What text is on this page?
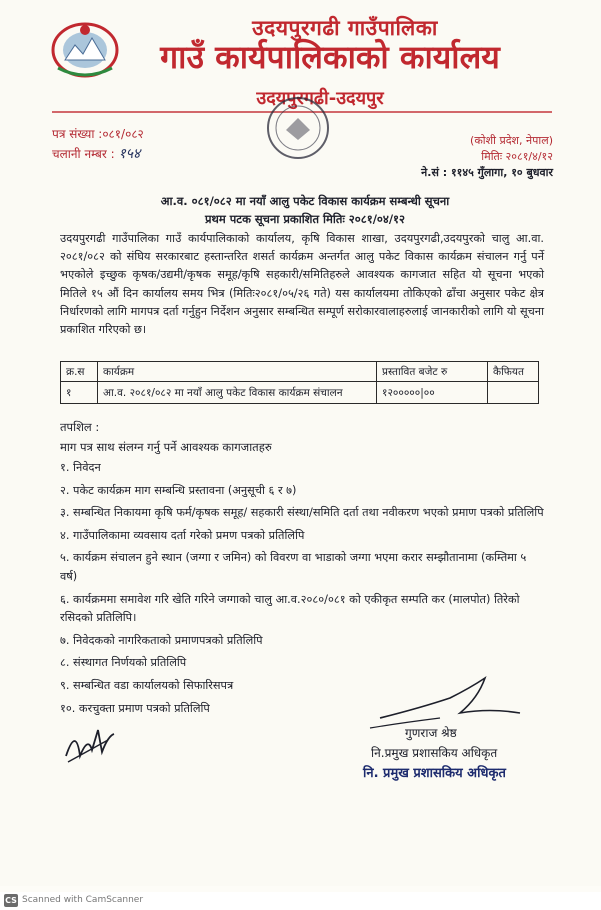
उदयपुरगढी गाउँपालिका
गाउँ कार्यपालिकाको कार्यालय
उदयपुरगढी-उदयपुर
पत्र संख्या :०८१/०८२
चलानी नम्बर : १५४
(कोशी प्रदेश, नेपाल)
मितिः २०८१/४/१२
ने.सं : ११४५ गुँलागा, १० बुधवार
आ.व. ०८१/०८२ मा नयाँ आलु पकेट विकास कार्यक्रम सम्बन्धी सूचना
प्रथम पटक सूचना प्रकाशित मितिः २०८१/०४/१२
उदयपुरगढी गाउँपालिका गाउँ कार्यपालिकाको कार्यालय, कृषि विकास शाखा, उदयपुरगढी,उदयपुरको चालु आ.वा. २०८१/०८२ को संघिय सरकारबाट हस्तान्तरित शसर्त कार्यक्रम अन्तर्गत आलु पकेट विकास कार्यक्रम संचालन गर्नु पर्ने भएकोले इच्छुक कृषक/उद्यमी/कृषक समूह/कृषि सहकारी/समितिहरुले आवश्यक कागजात सहित यो सूचना भएको मितिले १५ औं दिन कार्यालय समय भित्र (मितिः२०८१/०५/२६ गते) यस कार्यालयमा तोकिएको ढाँचा अनुसार पकेट क्षेत्र निर्धारणको लागि मागपत्र दर्ता गर्नुहुन निर्देशन अनुसार सम्बन्धित सम्पूर्ण सरोकारवालाहरुलाई जानकारीको लागि यो सूचना प्रकाशित गरिएको छ।
क्र.स	कार्यक्रम	प्रस्तावित बजेट रु	कैफियत
१	आ.व. २०८१/०८२ मा नयाँ आलु पकेट विकास कार्यक्रम संचालन	१२०००००|००	
तपशिल :
माग पत्र साथ संलग्न गर्नु पर्ने आवश्यक कागजातहरु
१. निवेदन
२. पकेट कार्यक्रम माग सम्बन्धि प्रस्तावना (अनुसूची ६ र ७)
३. सम्बन्धित निकायमा कृषि फर्म/कृषक समूह/ सहकारी संस्था/समिति दर्ता तथा नवीकरण भएको प्रमाण पत्रको प्रतिलिपि
४. गाउँपालिकामा व्यवसाय दर्ता गरेको प्रमण पत्रको प्रतिलिपि
५. कार्यक्रम संचालन हुने स्थान (जग्गा र जमिन) को विवरण वा भाडाको जग्गा भएमा करार सम्झौतानामा (कम्तिमा ५ वर्ष)
६. कार्यक्रममा समावेश गरि खेति गरिने जग्गाको चालु आ.व.२०८०/०८१ को एकीकृत सम्पति कर (मालपोत) तिरेको रसिदको प्रतिलिपि।
७. निवेदकको नागरिकताको प्रमाणपत्रको प्रतिलिपि
८. संस्थागत निर्णयको प्रतिलिपि
९. सम्बन्धित वडा कार्यालयको सिफारिसपत्र
१०. करचुक्ता प्रमाण पत्रको प्रतिलिपि
गुणराज श्रेष्ठ
नि.प्रमुख प्रशासकिय अधिकृत
नि. प्रमुख प्रशासकिय अधिकृत
CS Scanned with CamScanner
